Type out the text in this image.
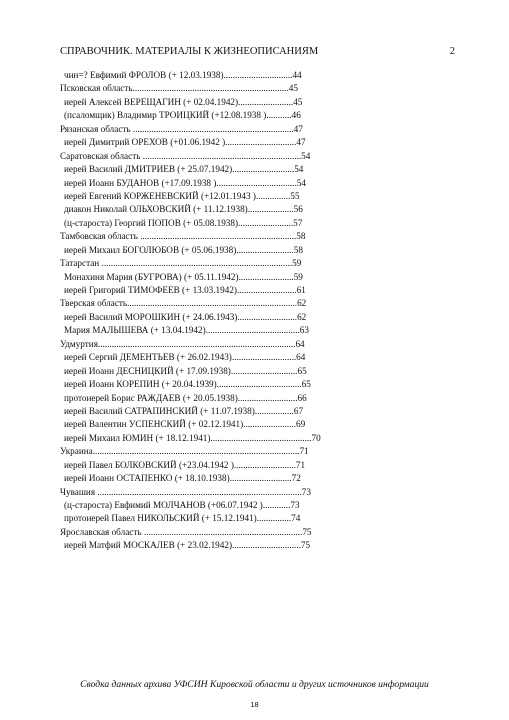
СПРАВОЧНИК. МАТЕРИАЛЫ К ЖИЗНЕОПИСАНИЯМ	2
чин=? Евфимий ФРОЛОВ (+ 12.03.1938)..............................44
Псковская область....................................................................45
иерей Алексей ВЕРЕЩАГИН (+ 02.04.1942)........................45
(псаломщик) Владимир ТРОИЦКИЙ (+12.08.1938 )...........46
Рязанская область ......................................................................47
иерей Димитрий ОРЕХОВ (+01.06.1942 )...............................47
Саратовская область .....................................................................54
иерей Василий ДМИТРИЕВ (+ 25.07.1942)...........................54
иерей Иоанн БУДАНОВ (+17.09.1938 )...................................54
иерей Евгений КОРЖЕНЕВСКИЙ (+12.01.1943 )...............55
диакон Николай ОЛЬХОВСКИЙ (+ 11.12.1938)....................56
(ц-староста) Георгий ПОПОВ (+ 05.08.1938)........................57
Тамбовская область ....................................................................58
иерей Михаил БОГОЛЮБОВ (+ 05.06.1938).........................58
Татарстан ...................................................................................59
Монахиня Мария (БУГРОВА) (+ 05.11.1942)........................59
иерей Григорий ТИМОФЕЕВ (+ 13.03.1942)..........................61
Тверская область..........................................................................62
иерей Василий МОРОШКИН (+ 24.06.1943)..........................62
Мария МАЛЫШЕВА (+ 13.04.1942).........................................63
Удмуртия......................................................................................64
иерей Сергий ДЕМЕНТЬЕВ (+ 26.02.1943)............................64
иерей Иоанн ДЕСНИЦКИЙ (+ 17.09.1938).............................65
иерей Иоанн КОРЕПИН (+ 20.04.1939).....................................65
протоиерей Борис РАЖДАЕВ (+ 20.05.1938)..........................66
иерей Василий САТРАПИНСКИЙ (+ 11.07.1938).................67
иерей Валентин УСПЕНСКИЙ (+ 02.12.1941).......................69
иерей Михаил ЮМИН (+ 18.12.1941)............................................70
Украина..........................................................................................71
иерей Павел БОЛКОВСКИЙ (+23.04.1942 )...........................71
иерей Иоанн ОСТАПЕНКО (+ 18.10.1938)...........................72
Чувашия .........................................................................................73
(ц-староста) Евфимий МОЛЧАНОВ (+06.07.1942 )............73
протоиерей Павел НИКОЛЬСКИЙ (+ 15.12.1941)...............74
Ярославская область .....................................................................75
иерей Матфий МОСКАЛЕВ (+ 23.02.1942)..............................75
Сводка данных архива УФСИН Кировской области и других источников информации
18
